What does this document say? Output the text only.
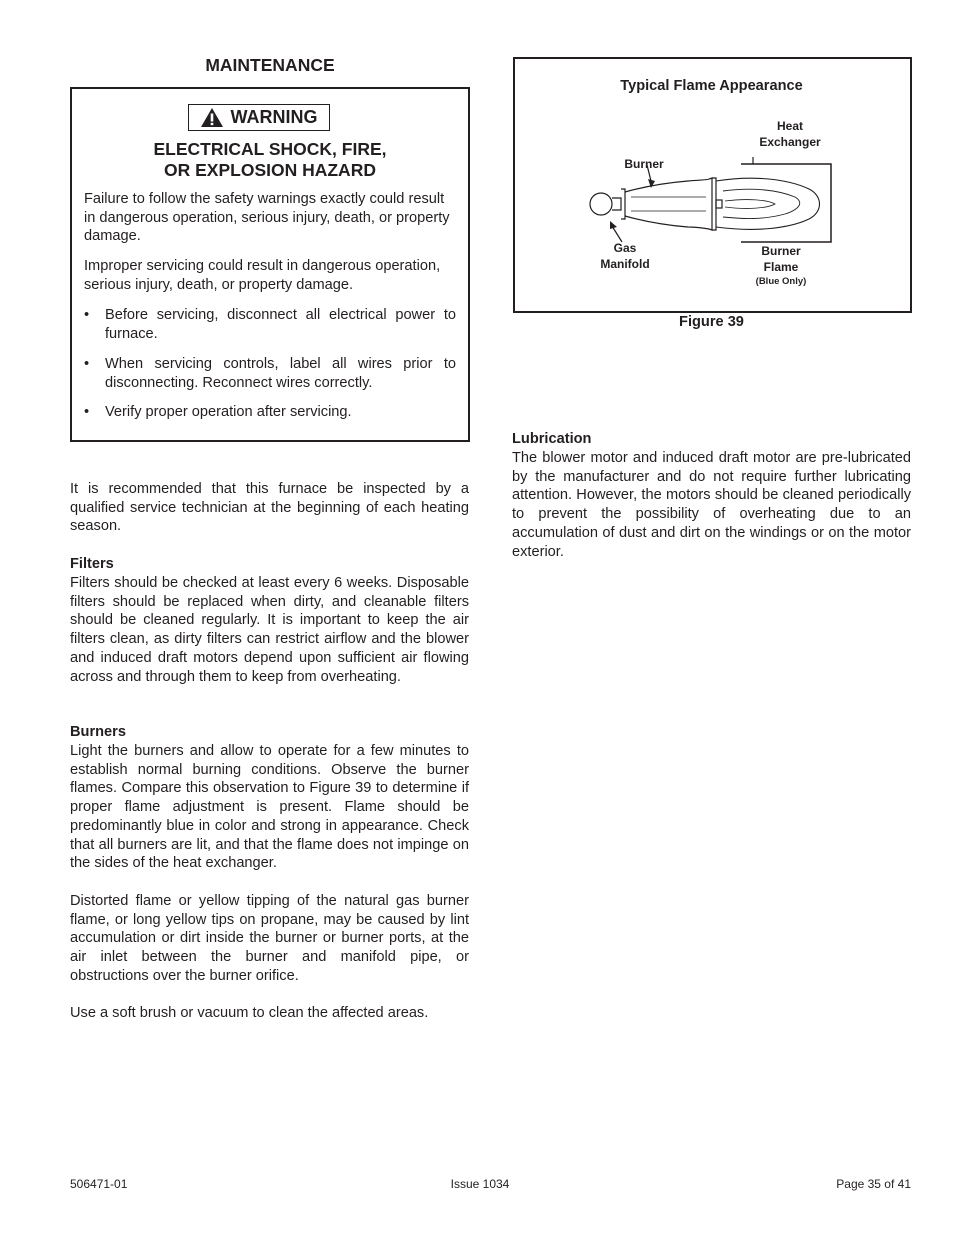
MAINTENANCE
WARNING
ELECTRICAL SHOCK, FIRE,
OR EXPLOSION HAZARD

Failure to follow the safety warnings exactly could result in dangerous operation, serious injury, death, or property damage.

Improper servicing could result in dangerous operation, serious injury, death, or property damage.

• Before servicing, disconnect all electrical power to furnace.
• When servicing controls, label all wires prior to disconnecting. Reconnect wires correctly.
• Verify proper operation after servicing.

It is recommended that this furnace be inspected by a qualified service technician at the beginning of each heating season.

Filters

Filters should be checked at least every 6 weeks. Disposable filters should be replaced when dirty, and cleanable filters should be cleaned regularly. It is important to keep the air filters clean, as dirty filters can restrict airflow and the blower and induced draft motors depend upon sufficient air flowing across and through them to keep from overheating.

Burners

Light the burners and allow to operate for a few minutes to establish normal burning conditions. Observe the burner flames. Compare this observation to Figure 39 to determine if proper flame adjustment is present. Flame should be predominantly blue in color and strong in appearance. Check that all burners are lit, and that the flame does not impinge on the sides of the heat exchanger.

Distorted flame or yellow tipping of the natural gas burner flame, or long yellow tips on propane, may be caused by lint accumulation or dirt inside the burner or burner ports, at the air inlet between the burner and manifold pipe, or obstructions over the burner orifice.

Use a soft brush or vacuum to clean the affected areas.

Typical Flame Appearance
Heat
Exchanger
Burner
Gas
Manifold
Burner
Flame
(Blue Only)
Figure 39
Lubrication

The blower motor and induced draft motor are pre-lubricated by the manufacturer and do not require further lubricating attention. However, the motors should be cleaned periodically to prevent the possibility of overheating due to an accumulation of dust and dirt on the windings or on the motor exterior.

506471-01	Issue 1034	Page 35 of 41
